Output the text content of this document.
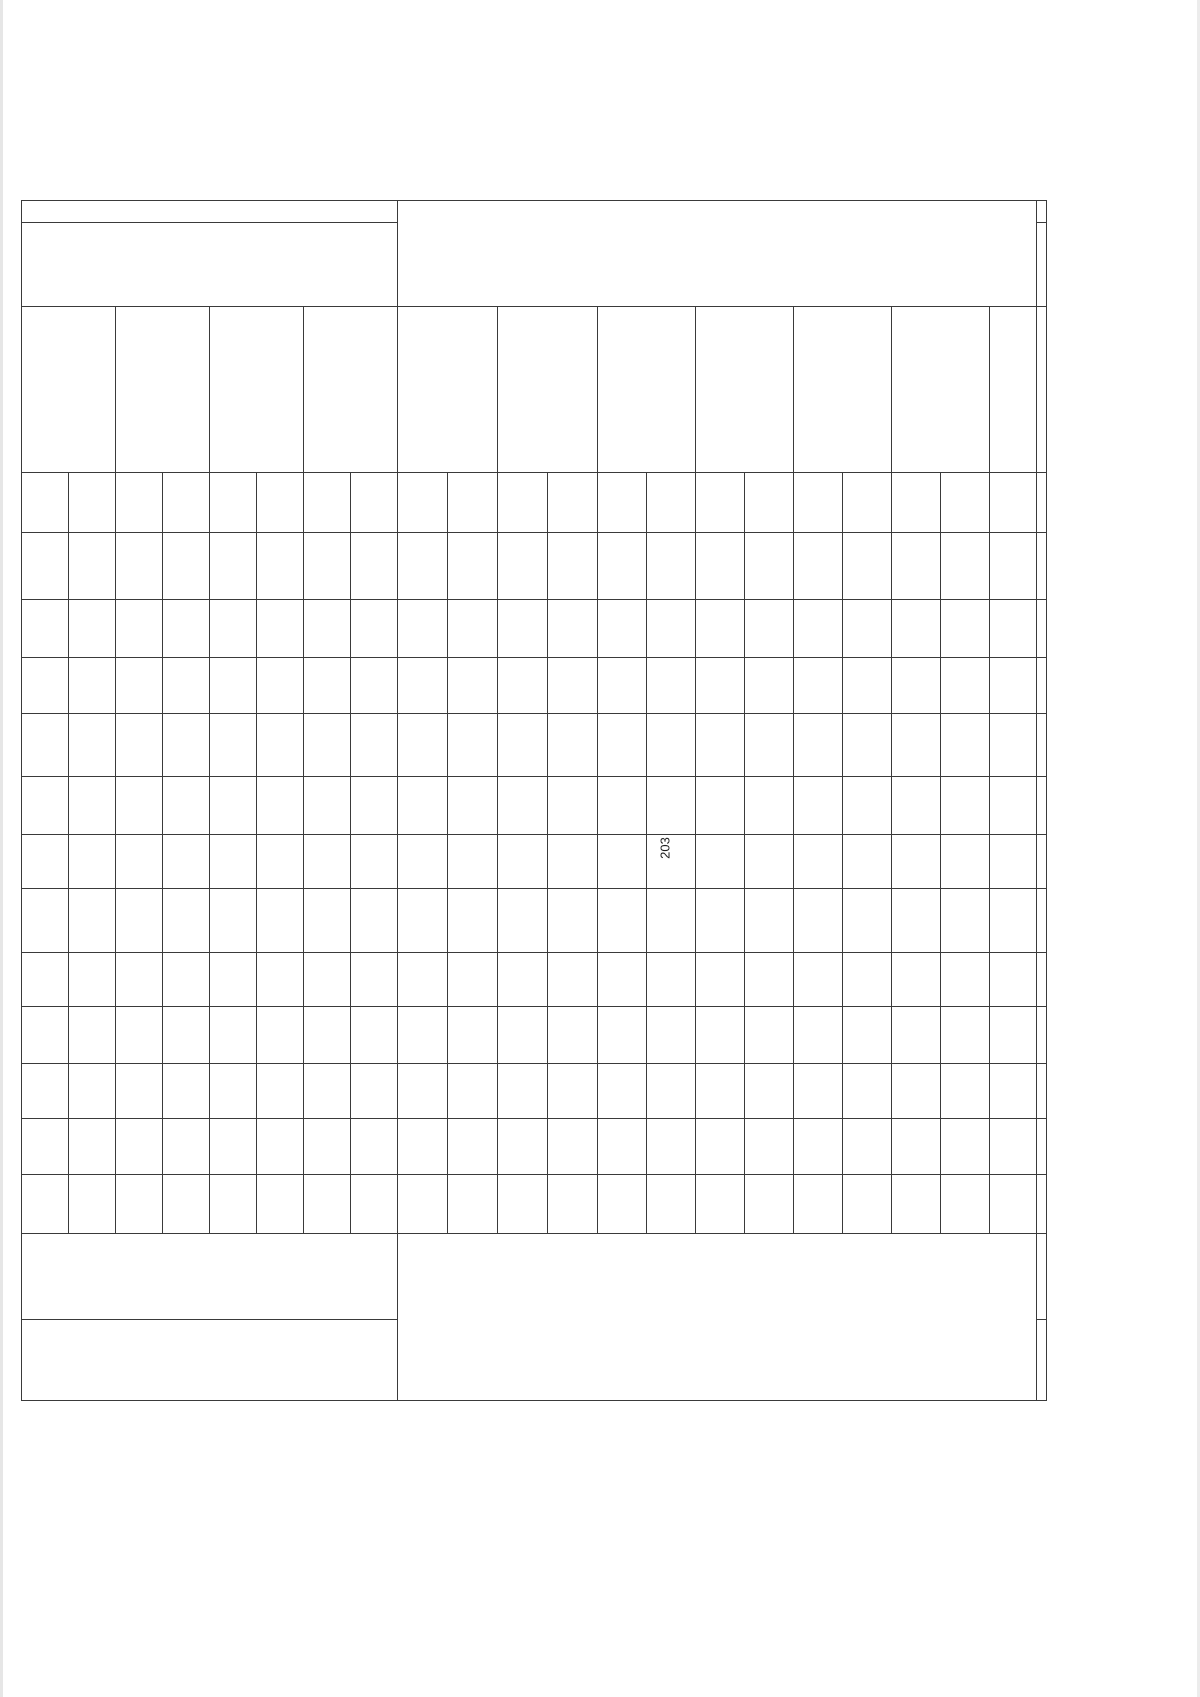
203
